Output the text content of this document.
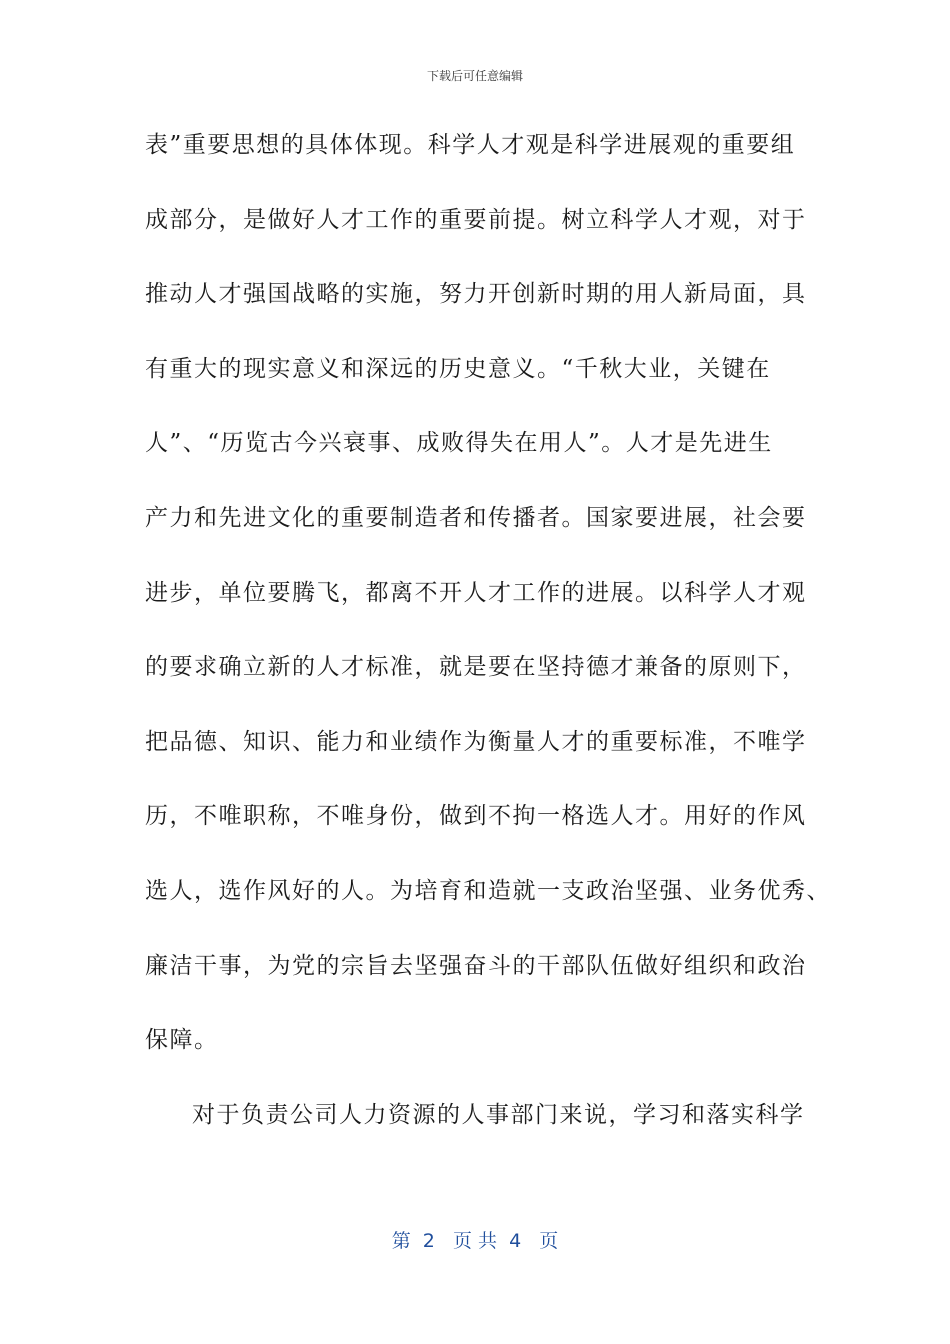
下载后可任意编辑
表”重要思想的具体体现。科学人才观是科学进展观的重要组
成部分，是做好人才工作的重要前提。树立科学人才观，对于
推动人才强国战略的实施，努力开创新时期的用人新局面，具
有重大的现实意义和深远的历史意义。“千秋大业，关键在
人”、“历览古今兴衰事、成败得失在用人”。人才是先进生
产力和先进文化的重要制造者和传播者。国家要进展，社会要
进步，单位要腾飞，都离不开人才工作的进展。以科学人才观
的要求确立新的人才标准，就是要在坚持德才兼备的原则下，
把品德、知识、能力和业绩作为衡量人才的重要标准，不唯学
历，不唯职称，不唯身份，做到不拘一格选人才。用好的作风
选人，选作风好的人。为培育和造就一支政治坚强、业务优秀、
廉洁干事，为党的宗旨去坚强奋斗的干部队伍做好组织和政治
保障。
对于负责公司人力资源的人事部门来说，学习和落实科学
第  2   页 共  4   页
